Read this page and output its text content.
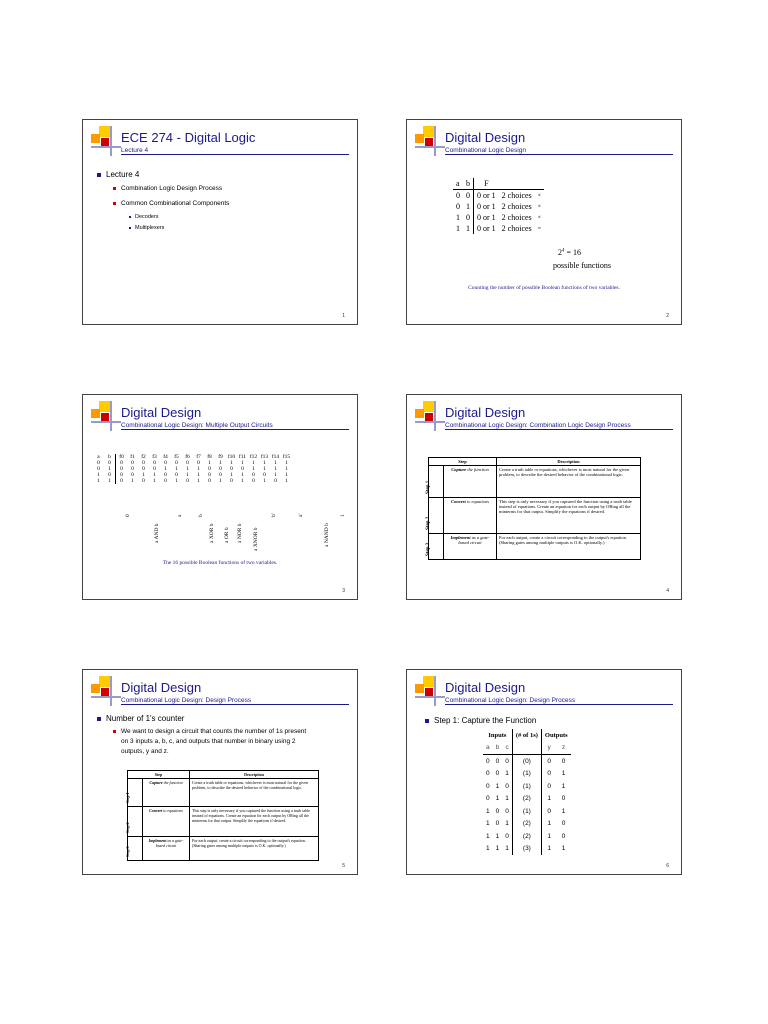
ECE 274 - Digital Logic
Lecture 4
Lecture 4
Combination Logic Design Process
Common Combinational Components
Decoders
Multiplexers
1
Digital Design
Combinational Logic Design
a	b	F		
0	0	0 or 1	2 choices	×
0	1	0 or 1	2 choices	×
1	0	0 or 1	2 choices	×
1	1	0 or 1	2 choices	=
$2^4 = 16$
possible functions
Counting the number of possible Boolean functions of two variables.
2
Digital Design
Combinational Logic Design: Multiple Output Circuits
a	b	f0	f1	f2	f3	f4	f5	f6	f7	f8	f9	f10	f11	f12	f13	f14	f15
0	0	0	0	0	0	0	0	0	0	1	1	1	1	1	1	1	1
0	1	0	0	0	0	1	1	1	1	0	0	0	0	1	1	1	1
1	0	0	0	1	1	0	0	1	1	0	0	1	1	0	0	1	1
1	1	0	1	0	1	0	1	0	1	0	1	0	1	0	1	0	1
0
a AND b
a	b
a XOR b a OR b a NOR b a XNOR b
b'	a'
a NAND b
1
The 16 possible Boolean functions of two variables.
3
Digital Design
Combinational Logic Design: Combination Logic Design Process
Step		Description

Step 1	Capture the function	Create a truth table or equations, whichever is most natural for the given problem, to describe the desired behavior of the combinational logic.

Step 2	Convert to equations	This step is only necessary if you captured the function using a truth table instead of equations. Create an equation for each output by ORing all the minterms for that output. Simplify the equations if desired.

Step 3	Implement as a gate-based circuit	For each output, create a circuit corresponding to the output's equation. (Sharing gates among multiple outputs is O.K. optionally.)
4
Digital Design
Combinational Logic Design: Design Process
Number of 1's counter
We want to design a circuit that counts the number of 1s present
on 3 inputs a, b, c, and outputs that number in binary using 2
outputs, y and z.
Step		Description

Step 1	Capture the function	Create a truth table or equations, whichever is most natural for the given problem, to describe the desired behavior of the combinational logic.

Step 2	Convert to equations	This step is only necessary if you captured the function using a truth table instead of equations. Create an equation for each output by ORing all the minterms for that output. Simplify the equations if desired.

Step 3	Implement as a gate-based circuit	For each output, create a circuit corresponding to the output's equation. (Sharing gates among multiple outputs is O.K. optionally.)
5
Digital Design
Combinational Logic Design: Design Process
Step 1: Capture the Function
Inputs			(# of 1s)	Outputs	
a	b	c		y	z
0	0	0	(0)	0	0
0	0	1	(1)	0	1
0	1	0	(1)	0	1
0	1	1	(2)	1	0
1	0	0	(1)	0	1
1	0	1	(2)	1	0
1	1	0	(2)	1	0
1	1	1	(3)	1	1
6
